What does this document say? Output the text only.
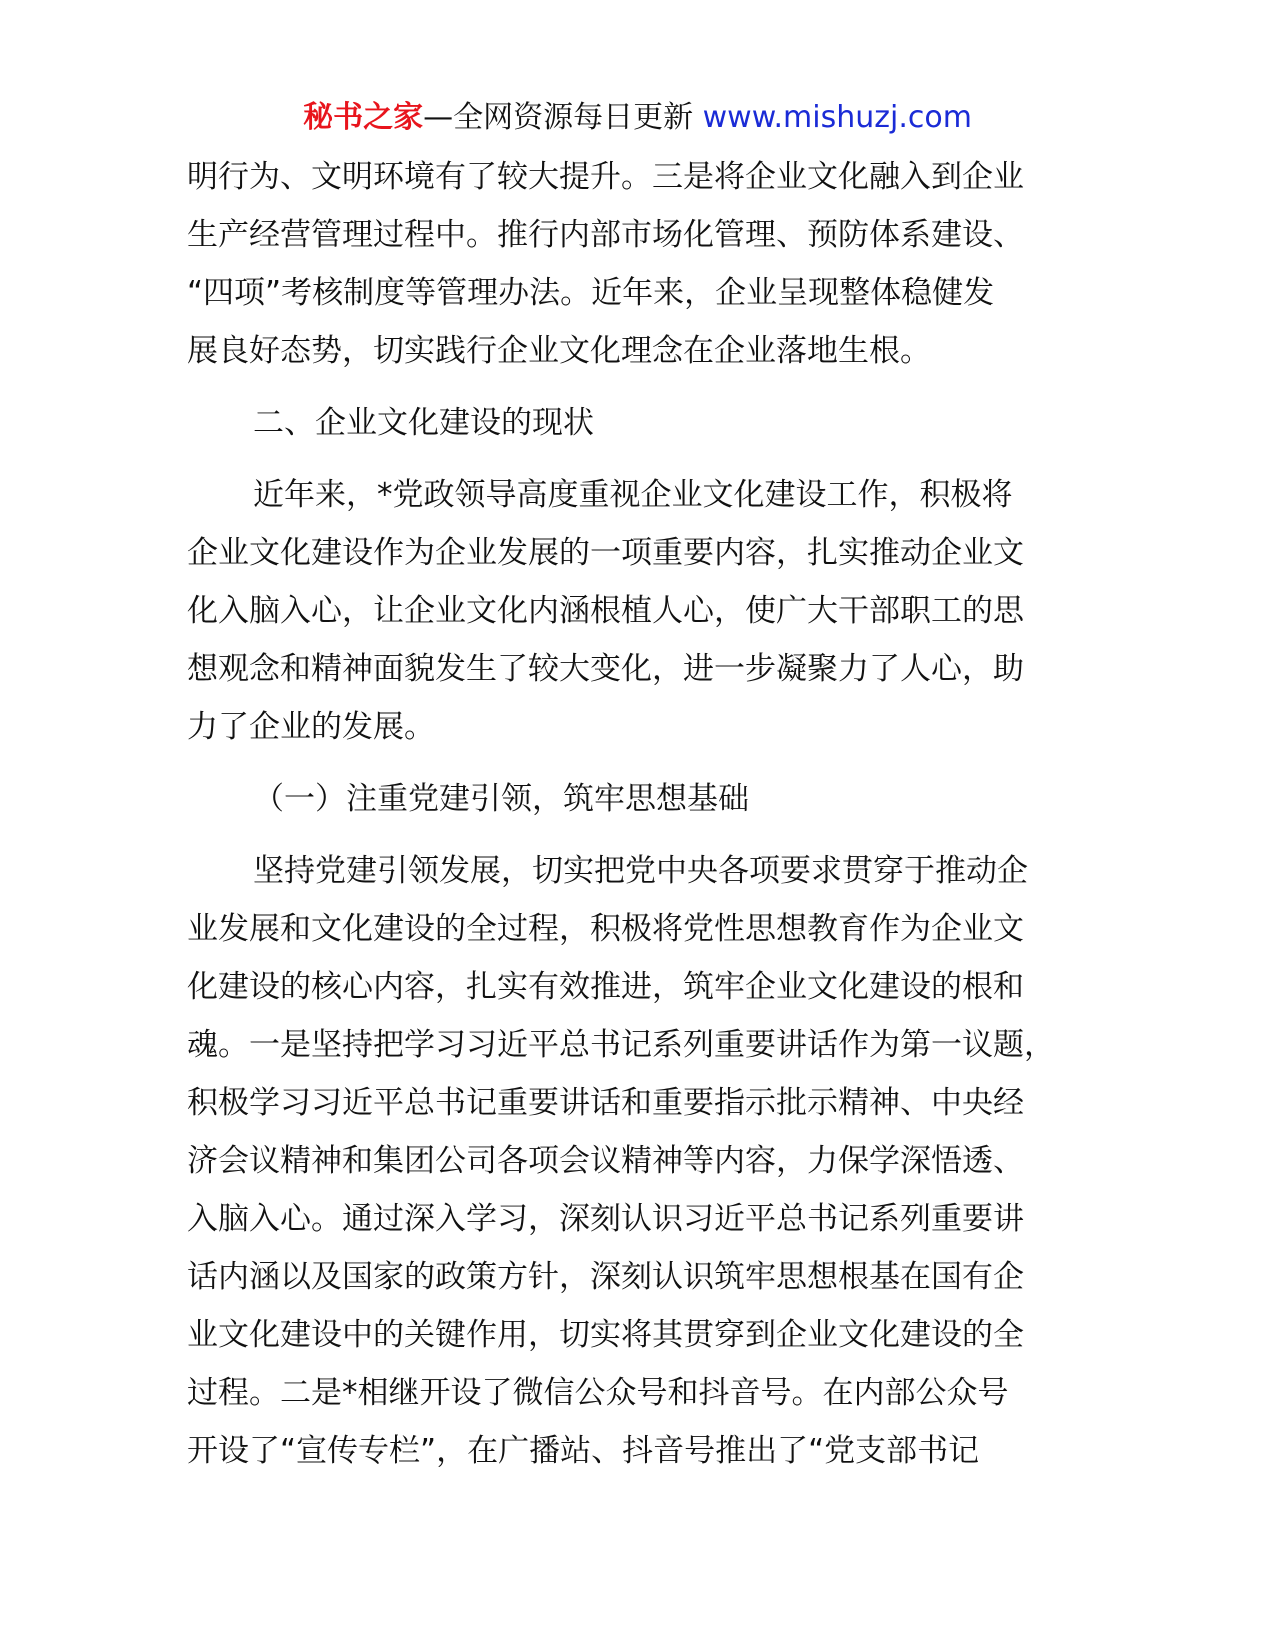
秘书之家—全网资源每日更新 www.mishuzj.com
明行为、文明环境有了较大提升。三是将企业文化融入到企业
生产经营管理过程中。推行内部市场化管理、预防体系建设、
“四项”考核制度等管理办法。近年来，企业呈现整体稳健发
展良好态势，切实践行企业文化理念在企业落地生根。
二、企业文化建设的现状
近年来，*党政领导高度重视企业文化建设工作，积极将
企业文化建设作为企业发展的一项重要内容，扎实推动企业文
化入脑入心，让企业文化内涵根植人心，使广大干部职工的思
想观念和精神面貌发生了较大变化，进一步凝聚力了人心，助
力了企业的发展。
（一）注重党建引领，筑牢思想基础
坚持党建引领发展，切实把党中央各项要求贯穿于推动企
业发展和文化建设的全过程，积极将党性思想教育作为企业文
化建设的核心内容，扎实有效推进，筑牢企业文化建设的根和
魂。一是坚持把学习习近平总书记系列重要讲话作为第一议题，
积极学习习近平总书记重要讲话和重要指示批示精神、中央经
济会议精神和集团公司各项会议精神等内容，力保学深悟透、
入脑入心。通过深入学习，深刻认识习近平总书记系列重要讲
话内涵以及国家的政策方针，深刻认识筑牢思想根基在国有企
业文化建设中的关键作用，切实将其贯穿到企业文化建设的全
过程。二是*相继开设了微信公众号和抖音号。在内部公众号
开设了“宣传专栏”，在广播站、抖音号推出了“党支部书记
